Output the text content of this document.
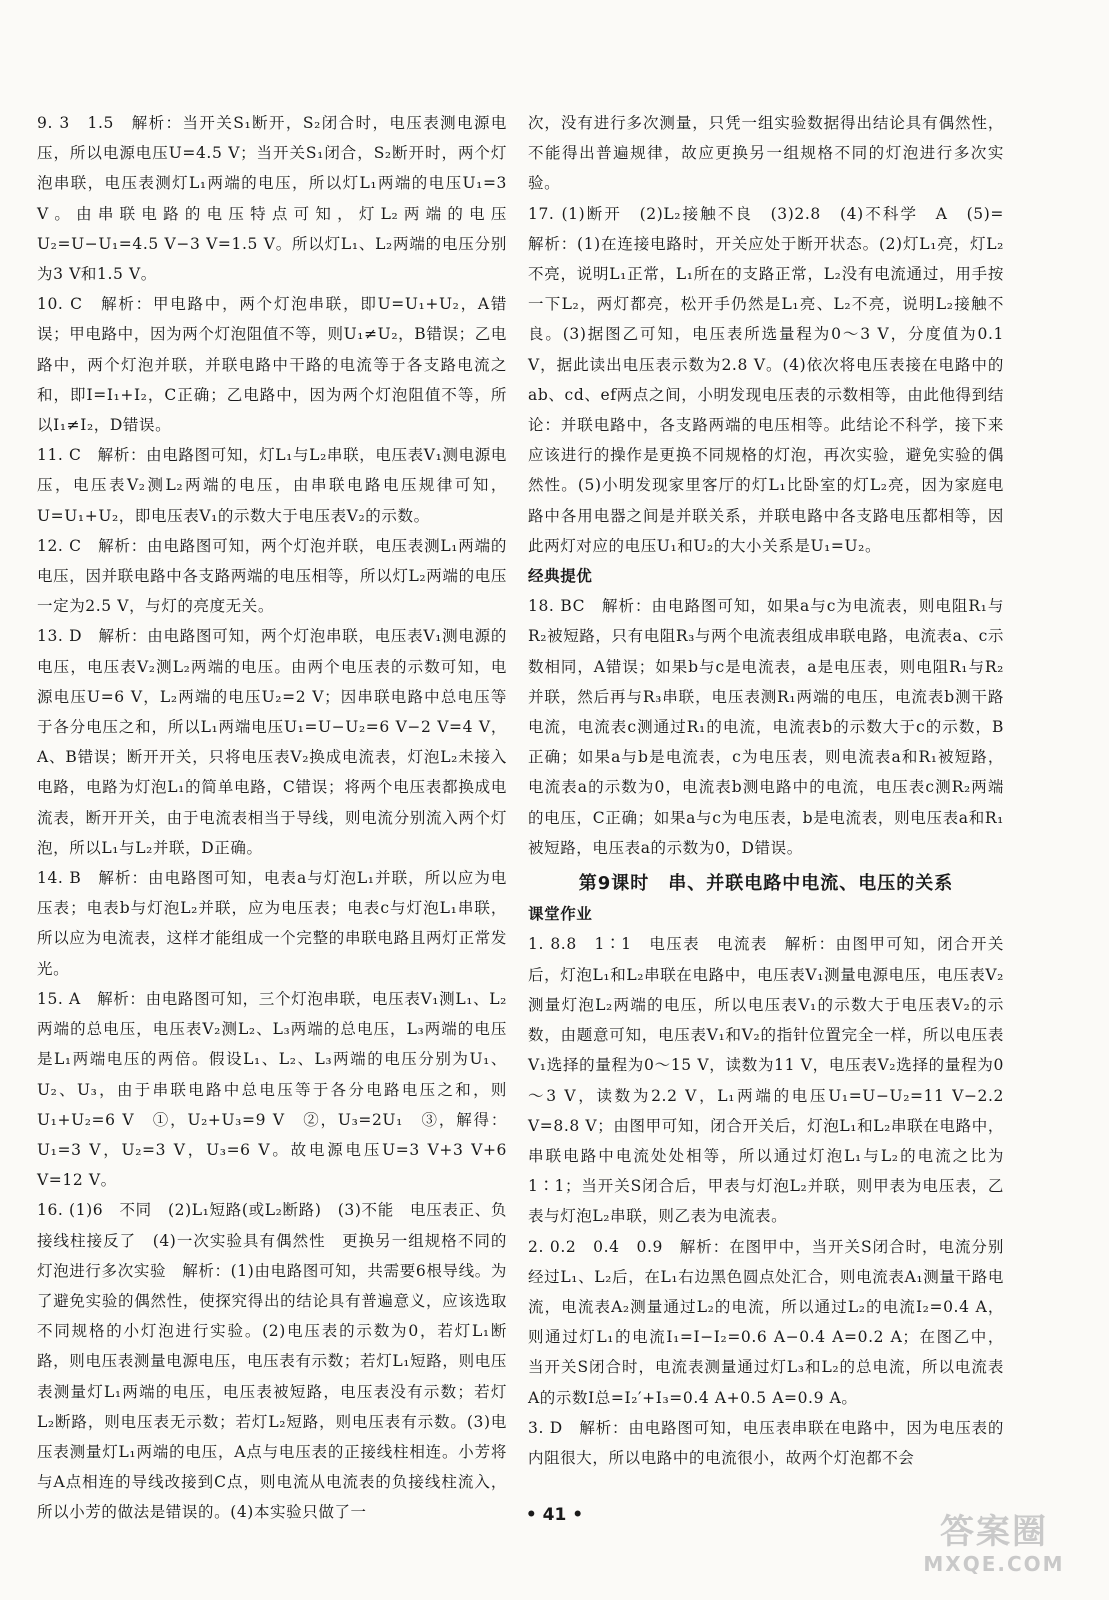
9. 3　1.5　解析：当开关S₁断开，S₂闭合时，电压表测电源电压，所以电源电压U=4.5 V；当开关S₁闭合，S₂断开时，两个灯泡串联，电压表测灯L₁两端的电压，所以灯L₁两端的电压U₁=3 V。由串联电路的电压特点可知，灯L₂两端的电压U₂=U−U₁=4.5 V−3 V=1.5 V。所以灯L₁、L₂两端的电压分别为3 V和1.5 V。

10. C　解析：甲电路中，两个灯泡串联，即U=U₁+U₂，A错误；甲电路中，因为两个灯泡阻值不等，则U₁≠U₂，B错误；乙电路中，两个灯泡并联，并联电路中干路的电流等于各支路电流之和，即I=I₁+I₂，C正确；乙电路中，因为两个灯泡阻值不等，所以I₁≠I₂，D错误。

11. C　解析：由电路图可知，灯L₁与L₂串联，电压表V₁测电源电压，电压表V₂测L₂两端的电压，由串联电路电压规律可知，U=U₁+U₂，即电压表V₁的示数大于电压表V₂的示数。

12. C　解析：由电路图可知，两个灯泡并联，电压表测L₁两端的电压，因并联电路中各支路两端的电压相等，所以灯L₂两端的电压一定为2.5 V，与灯的亮度无关。

13. D　解析：由电路图可知，两个灯泡串联，电压表V₁测电源的电压，电压表V₂测L₂两端的电压。由两个电压表的示数可知，电源电压U=6 V，L₂两端的电压U₂=2 V；因串联电路中总电压等于各分电压之和，所以L₁两端电压U₁=U−U₂=6 V−2 V=4 V，A、B错误；断开开关，只将电压表V₂换成电流表，灯泡L₂未接入电路，电路为灯泡L₁的简单电路，C错误；将两个电压表都换成电流表，断开开关，由于电流表相当于导线，则电流分别流入两个灯泡，所以L₁与L₂并联，D正确。

14. B　解析：由电路图可知，电表a与灯泡L₁并联，所以应为电压表；电表b与灯泡L₂并联，应为电压表；电表c与灯泡L₁串联，所以应为电流表，这样才能组成一个完整的串联电路且两灯正常发光。

15. A　解析：由电路图可知，三个灯泡串联，电压表V₁测L₁、L₂两端的总电压，电压表V₂测L₂、L₃两端的总电压，L₃两端的电压是L₁两端电压的两倍。假设L₁、L₂、L₃两端的电压分别为U₁、U₂、U₃，由于串联电路中总电压等于各分电路电压之和，则U₁+U₂=6 V　①，U₂+U₃=9 V　②，U₃=2U₁　③，解得：U₁=3 V，U₂=3 V，U₃=6 V。故电源电压U=3 V+3 V+6 V=12 V。

16. (1)6　不同　(2)L₁短路(或L₂断路)　(3)不能　电压表正、负接线柱接反了　(4)一次实验具有偶然性　更换另一组规格不同的灯泡进行多次实验　解析：(1)由电路图可知，共需要6根导线。为了避免实验的偶然性，使探究得出的结论具有普遍意义，应该选取不同规格的小灯泡进行实验。(2)电压表的示数为0，若灯L₁断路，则电压表测量电源电压，电压表有示数；若灯L₁短路，则电压表测量灯L₁两端的电压，电压表被短路，电压表没有示数；若灯L₂断路，则电压表无示数；若灯L₂短路，则电压表有示数。(3)电压表测量灯L₁两端的电压，A点与电压表的正接线柱相连。小芳将与A点相连的导线改接到C点，则电流从电流表的负接线柱流入，所以小芳的做法是错误的。(4)本实验只做了一

次，没有进行多次测量，只凭一组实验数据得出结论具有偶然性，不能得出普遍规律，故应更换另一组规格不同的灯泡进行多次实验。

17. (1)断开　(2)L₂接触不良　(3)2.8　(4)不科学　A　(5)=　解析：(1)在连接电路时，开关应处于断开状态。(2)灯L₁亮，灯L₂不亮，说明L₁正常，L₁所在的支路正常，L₂没有电流通过，用手按一下L₂，两灯都亮，松开手仍然是L₁亮、L₂不亮，说明L₂接触不良。(3)据图乙可知，电压表所选量程为0～3 V，分度值为0.1 V，据此读出电压表示数为2.8 V。(4)依次将电压表接在电路中的ab、cd、ef两点之间，小明发现电压表的示数相等，由此他得到结论：并联电路中，各支路两端的电压相等。此结论不科学，接下来应该进行的操作是更换不同规格的灯泡，再次实验，避免实验的偶然性。(5)小明发现家里客厅的灯L₁比卧室的灯L₂亮，因为家庭电路中各用电器之间是并联关系，并联电路中各支路电压都相等，因此两灯对应的电压U₁和U₂的大小关系是U₁=U₂。

经典提优

18. BC　解析：由电路图可知，如果a与c为电流表，则电阻R₁与R₂被短路，只有电阻R₃与两个电流表组成串联电路，电流表a、c示数相同，A错误；如果b与c是电流表，a是电压表，则电阻R₁与R₂并联，然后再与R₃串联，电压表测R₁两端的电压，电流表b测干路电流，电流表c测通过R₁的电流，电流表b的示数大于c的示数，B正确；如果a与b是电流表，c为电压表，则电流表a和R₁被短路，电流表a的示数为0，电流表b测电路中的电流，电压表c测R₂两端的电压，C正确；如果a与c为电压表，b是电流表，则电压表a和R₁被短路，电压表a的示数为0，D错误。

第9课时　串、并联电路中电流、电压的关系

课堂作业

1. 8.8　1∶1　电压表　电流表　解析：由图甲可知，闭合开关后，灯泡L₁和L₂串联在电路中，电压表V₁测量电源电压，电压表V₂测量灯泡L₂两端的电压，所以电压表V₁的示数大于电压表V₂的示数，由题意可知，电压表V₁和V₂的指针位置完全一样，所以电压表V₁选择的量程为0～15 V，读数为11 V，电压表V₂选择的量程为0～3 V，读数为2.2 V，L₁两端的电压U₁=U−U₂=11 V−2.2 V=8.8 V；由图甲可知，闭合开关后，灯泡L₁和L₂串联在电路中，串联电路中电流处处相等，所以通过灯泡L₁与L₂的电流之比为1∶1；当开关S闭合后，甲表与灯泡L₂并联，则甲表为电压表，乙表与灯泡L₂串联，则乙表为电流表。

2. 0.2　0.4　0.9　解析：在图甲中，当开关S闭合时，电流分别经过L₁、L₂后，在L₁右边黑色圆点处汇合，则电流表A₁测量干路电流，电流表A₂测量通过L₂的电流，所以通过L₂的电流I₂=0.4 A，则通过灯L₁的电流I₁=I−I₂=0.6 A−0.4 A=0.2 A；在图乙中，当开关S闭合时，电流表测量通过灯L₃和L₂的总电流，所以电流表A的示数I总=I₂′+I₃=0.4 A+0.5 A=0.9 A。

3. D　解析：由电路图可知，电压表串联在电路中，因为电压表的内阻很大，所以电路中的电流很小，故两个灯泡都不会

• 41 •	答案圈
MXQE.COM
